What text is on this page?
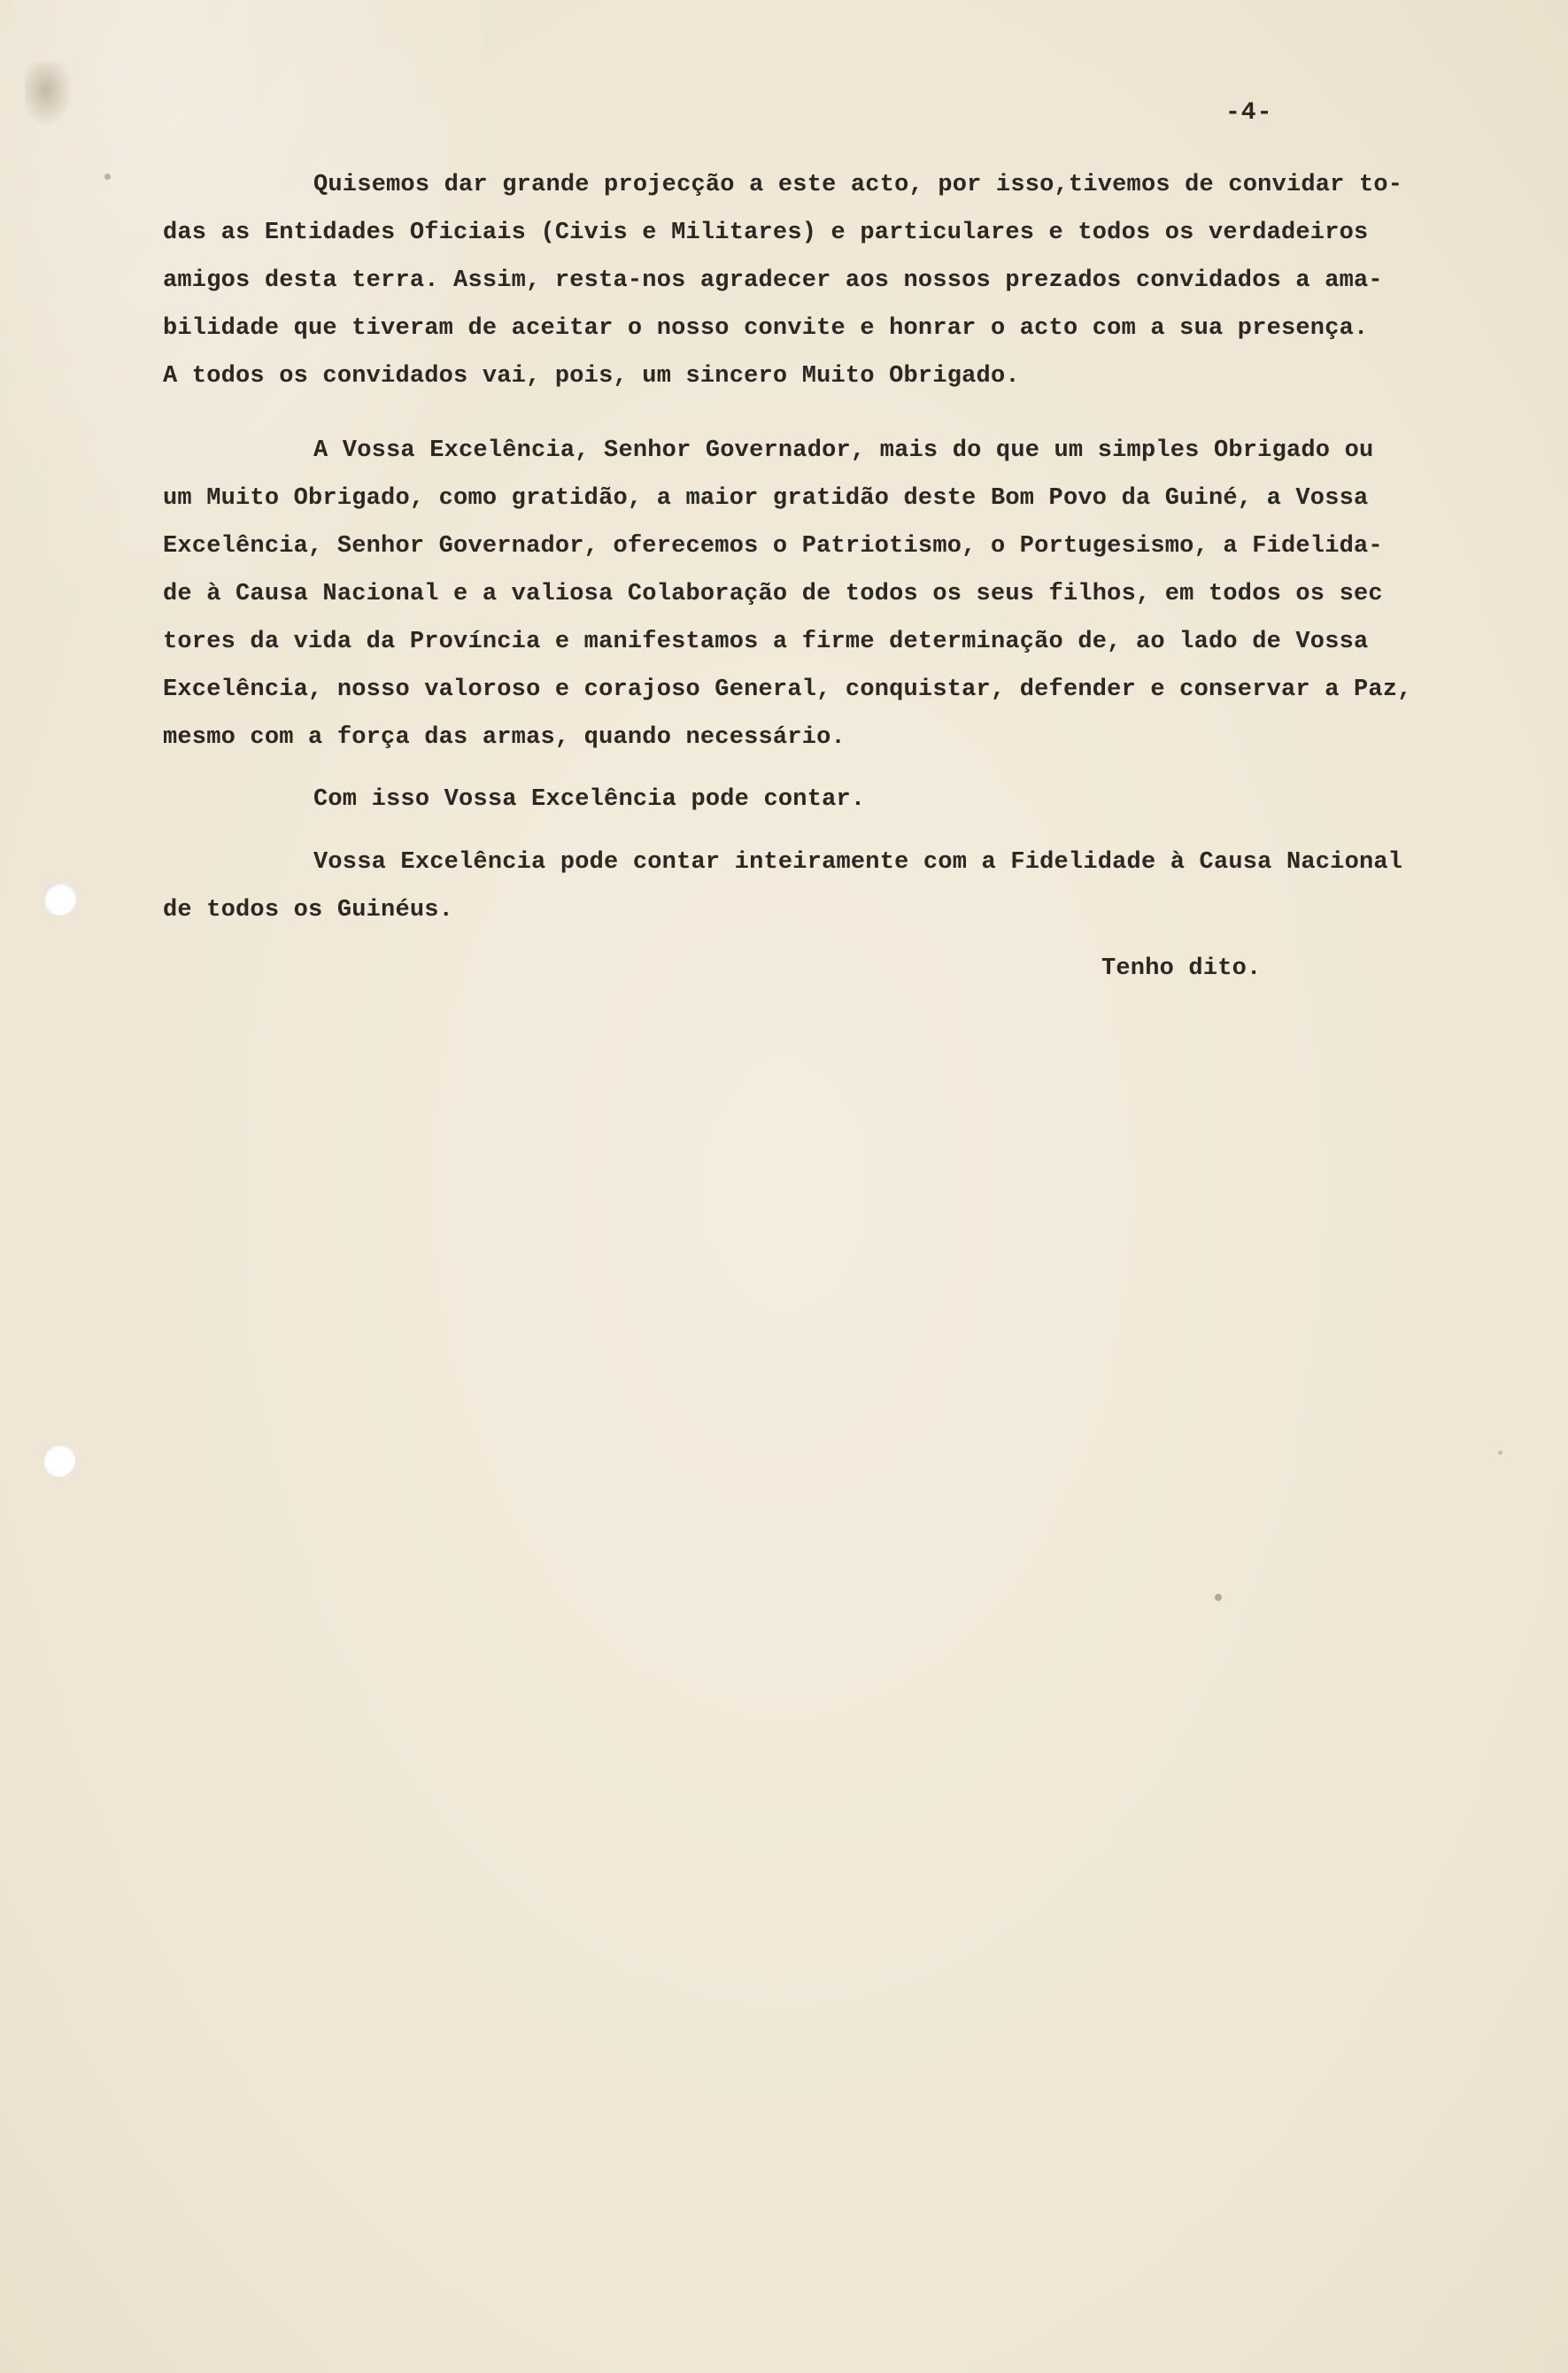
-4-

Quisemos dar grande projecção a este acto, por isso,tivemos de convidar to-
das as Entidades Oficiais (Civis e Militares) e particulares e todos os verdadeiros
amigos desta terra. Assim, resta-nos agradecer aos nossos prezados convidados a ama-
bilidade que tiveram de aceitar o nosso convite e honrar o acto com a sua presença.
A todos os convidados vai, pois, um sincero Muito Obrigado.

A Vossa Excelência, Senhor Governador, mais do que um simples Obrigado ou
um Muito Obrigado, como gratidão, a maior gratidão deste Bom Povo da Guiné, a Vossa
Excelência, Senhor Governador, oferecemos o Patriotismo, o Portugesismo, a Fidelida-
de à Causa Nacional e a valiosa Colaboração de todos os seus filhos, em todos os sec
tores da vida da Província e manifestamos a firme determinação de, ao lado de Vossa
Excelência, nosso valoroso e corajoso General, conquistar, defender e conservar a Paz,
mesmo com a força das armas, quando necessário.

Com isso Vossa Excelência pode contar.

Vossa Excelência pode contar inteiramente com a Fidelidade à Causa Nacional
de todos os Guinéus.

Tenho dito.
